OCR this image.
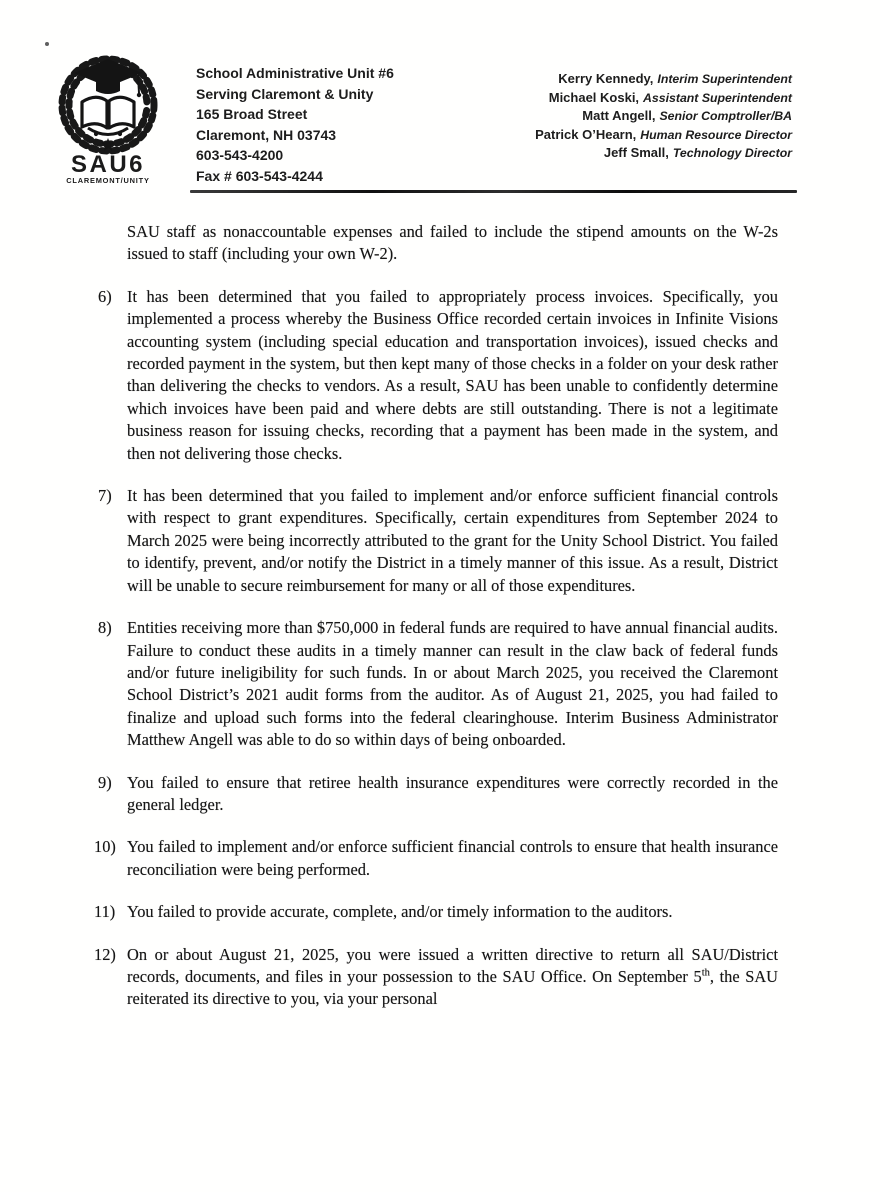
SAU6
CLAREMONT/UNITY
School Administrative Unit #6
Serving Claremont & Unity
165 Broad Street
Claremont, NH 03743
603-543-4200
Fax # 603-543-4244
Kerry Kennedy, Interim Superintendent
Michael Koski, Assistant Superintendent
Matt Angell, Senior Comptroller/BA
Patrick O’Hearn, Human Resource Director
Jeff Small, Technology Director

SAU staff as nonaccountable expenses and failed to include the stipend amounts on the W-2s issued to staff (including your own W-2).

6) It has been determined that you failed to appropriately process invoices. Specifically, you implemented a process whereby the Business Office recorded certain invoices in Infinite Visions accounting system (including special education and transportation invoices), issued checks and recorded payment in the system, but then kept many of those checks in a folder on your desk rather than delivering the checks to vendors. As a result, SAU has been unable to confidently determine which invoices have been paid and where debts are still outstanding. There is not a legitimate business reason for issuing checks, recording that a payment has been made in the system, and then not delivering those checks.

7) It has been determined that you failed to implement and/or enforce sufficient financial controls with respect to grant expenditures. Specifically, certain expenditures from September 2024 to March 2025 were being incorrectly attributed to the grant for the Unity School District. You failed to identify, prevent, and/or notify the District in a timely manner of this issue. As a result, District will be unable to secure reimbursement for many or all of those expenditures.

8) Entities receiving more than $750,000 in federal funds are required to have annual financial audits. Failure to conduct these audits in a timely manner can result in the claw back of federal funds and/or future ineligibility for such funds. In or about March 2025, you received the Claremont School District’s 2021 audit forms from the auditor. As of August 21, 2025, you had failed to finalize and upload such forms into the federal clearinghouse. Interim Business Administrator Matthew Angell was able to do so within days of being onboarded.

9) You failed to ensure that retiree health insurance expenditures were correctly recorded in the general ledger.

10) You failed to implement and/or enforce sufficient financial controls to ensure that health insurance reconciliation were being performed.

11) You failed to provide accurate, complete, and/or timely information to the auditors.

12) On or about August 21, 2025, you were issued a written directive to return all SAU/District records, documents, and files in your possession to the SAU Office. On September 5th, the SAU reiterated its directive to you, via your personal
